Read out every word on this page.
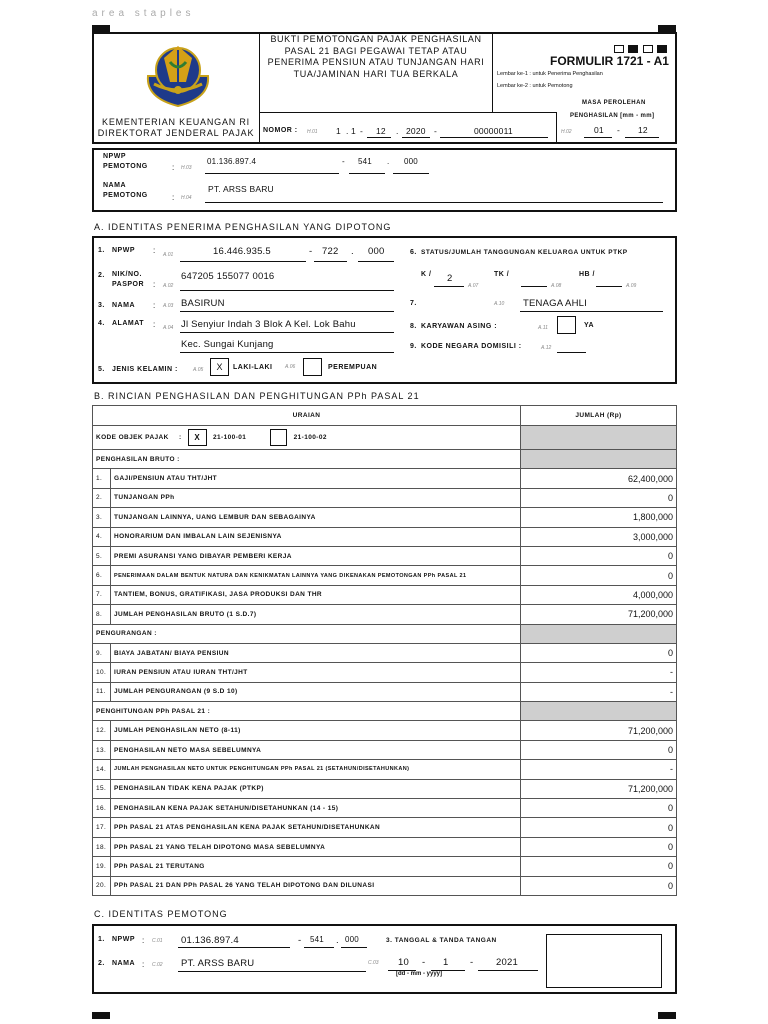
area staples
KEMENTERIAN KEUANGAN RI
DIREKTORAT JENDERAL PAJAK
BUKTI PEMOTONGAN PAJAK PENGHASILAN
PASAL 21 BAGI PEGAWAI TETAP ATAU
PENERIMA PENSIUN ATAU TUNJANGAN HARI
TUA/JAMINAN HARI TUA BERKALA

FORMULIR 1721 - A1
Lembar ke-1 : untuk Penerima Penghasilan
Lembar ke-2 : untuk Pemotong
MASA PEROLEHAN
PENGHASILAN [mm - mm]
NOMOR : H.01 1 . 1 - 12 . 2020 -	00000011	H.02	01 - 12
NPWP
PEMOTONG	: H.03
01.136.897.4	- 541 . 000
NAMA
PEMOTONG	: H.04
PT. ARSS BARU
A. IDENTITAS PENERIMA PENGHASILAN YANG DIPOTONG
1. NPWP : A.01	16.446.935.5	- 722 . 000
2. NIK/NO.
PASPOR : A.02
647205 155077 0016
3. NAMA : A.03 BASIRUN
4. ALAMAT : A.04 Jl Senyiur Indah 3 Blok A Kel. Lok Bahu
Kec. Sungai Kunjang
5. JENIS KELAMIN :	A.05	X	LAKI-LAKI	A.06	PEREMPUAN
6. STATUS/JUMLAH TANGGUNGAN KELUARGA UNTUK PTKP
K / 2
A.07
TK /
A.08
HB /
A.09
7.	A.10 TENAGA AHLI
8. KARYAWAN ASING :	A.11	YA
9. KODE NEGARA DOMISILI :	A.12
B. RINCIAN PENGHASILAN DAN PENGHITUNGAN PPh PASAL 21
URAIAN		JUMLAH (Rp)
KODE OBJEK PAJAK : X 21-100-01 21-100-02		
PENGHASILAN BRUTO :		
1.	GAJI/PENSIUN ATAU THT/JHT	62,400,000
2.	TUNJANGAN PPh	0
3.	TUNJANGAN LAINNYA, UANG LEMBUR DAN SEBAGAINYA	1,800,000
4.	HONORARIUM DAN IMBALAN LAIN SEJENISNYA	3,000,000
5.	PREMI ASURANSI YANG DIBAYAR PEMBERI KERJA	0
6.	PENERIMAAN DALAM BENTUK NATURA DAN KENIKMATAN LAINNYA YANG DIKENAKAN PEMOTONGAN PPh PASAL 21	0
7.	TANTIEM, BONUS, GRATIFIKASI, JASA PRODUKSI DAN THR	4,000,000
8.	JUMLAH PENGHASILAN BRUTO (1 S.D.7)	71,200,000
PENGURANGAN :		
9.	BIAYA JABATAN/ BIAYA PENSIUN	0
10.	IURAN PENSIUN ATAU IURAN THT/JHT	-
11.	JUMLAH PENGURANGAN (9 S.D 10)	-
PENGHITUNGAN PPh PASAL 21 :		
12.	JUMLAH PENGHASILAN NETO (8-11)	71,200,000
13.	PENGHASILAN NETO MASA SEBELUMNYA	0
14.	JUMLAH PENGHASILAN NETO UNTUK PENGHITUNGAN PPh PASAL 21 (SETAHUN/DISETAHUNKAN)	-
15.	PENGHASILAN TIDAK KENA PAJAK (PTKP)	71,200,000
16.	PENGHASILAN KENA PAJAK SETAHUN/DISETAHUNKAN (14 - 15)	0
17.	PPh PASAL 21 ATAS PENGHASILAN KENA PAJAK SETAHUN/DISETAHUNKAN	0
18.	PPh PASAL 21 YANG TELAH DIPOTONG MASA SEBELUMNYA	0
19.	PPh PASAL 21 TERUTANG	0
20.	PPh PASAL 21 DAN PPh PASAL 26 YANG TELAH DIPOTONG DAN DILUNASI	0
C. IDENTITAS PEMOTONG
1. NPWP : C.01 01.136.897.4	- 541 . 000
2. NAMA : C.02 PT. ARSS BARU
3. TANGGAL & TANDA TANGAN
C.03 10 - 1 - 2021
[dd - mm - yyyy]
